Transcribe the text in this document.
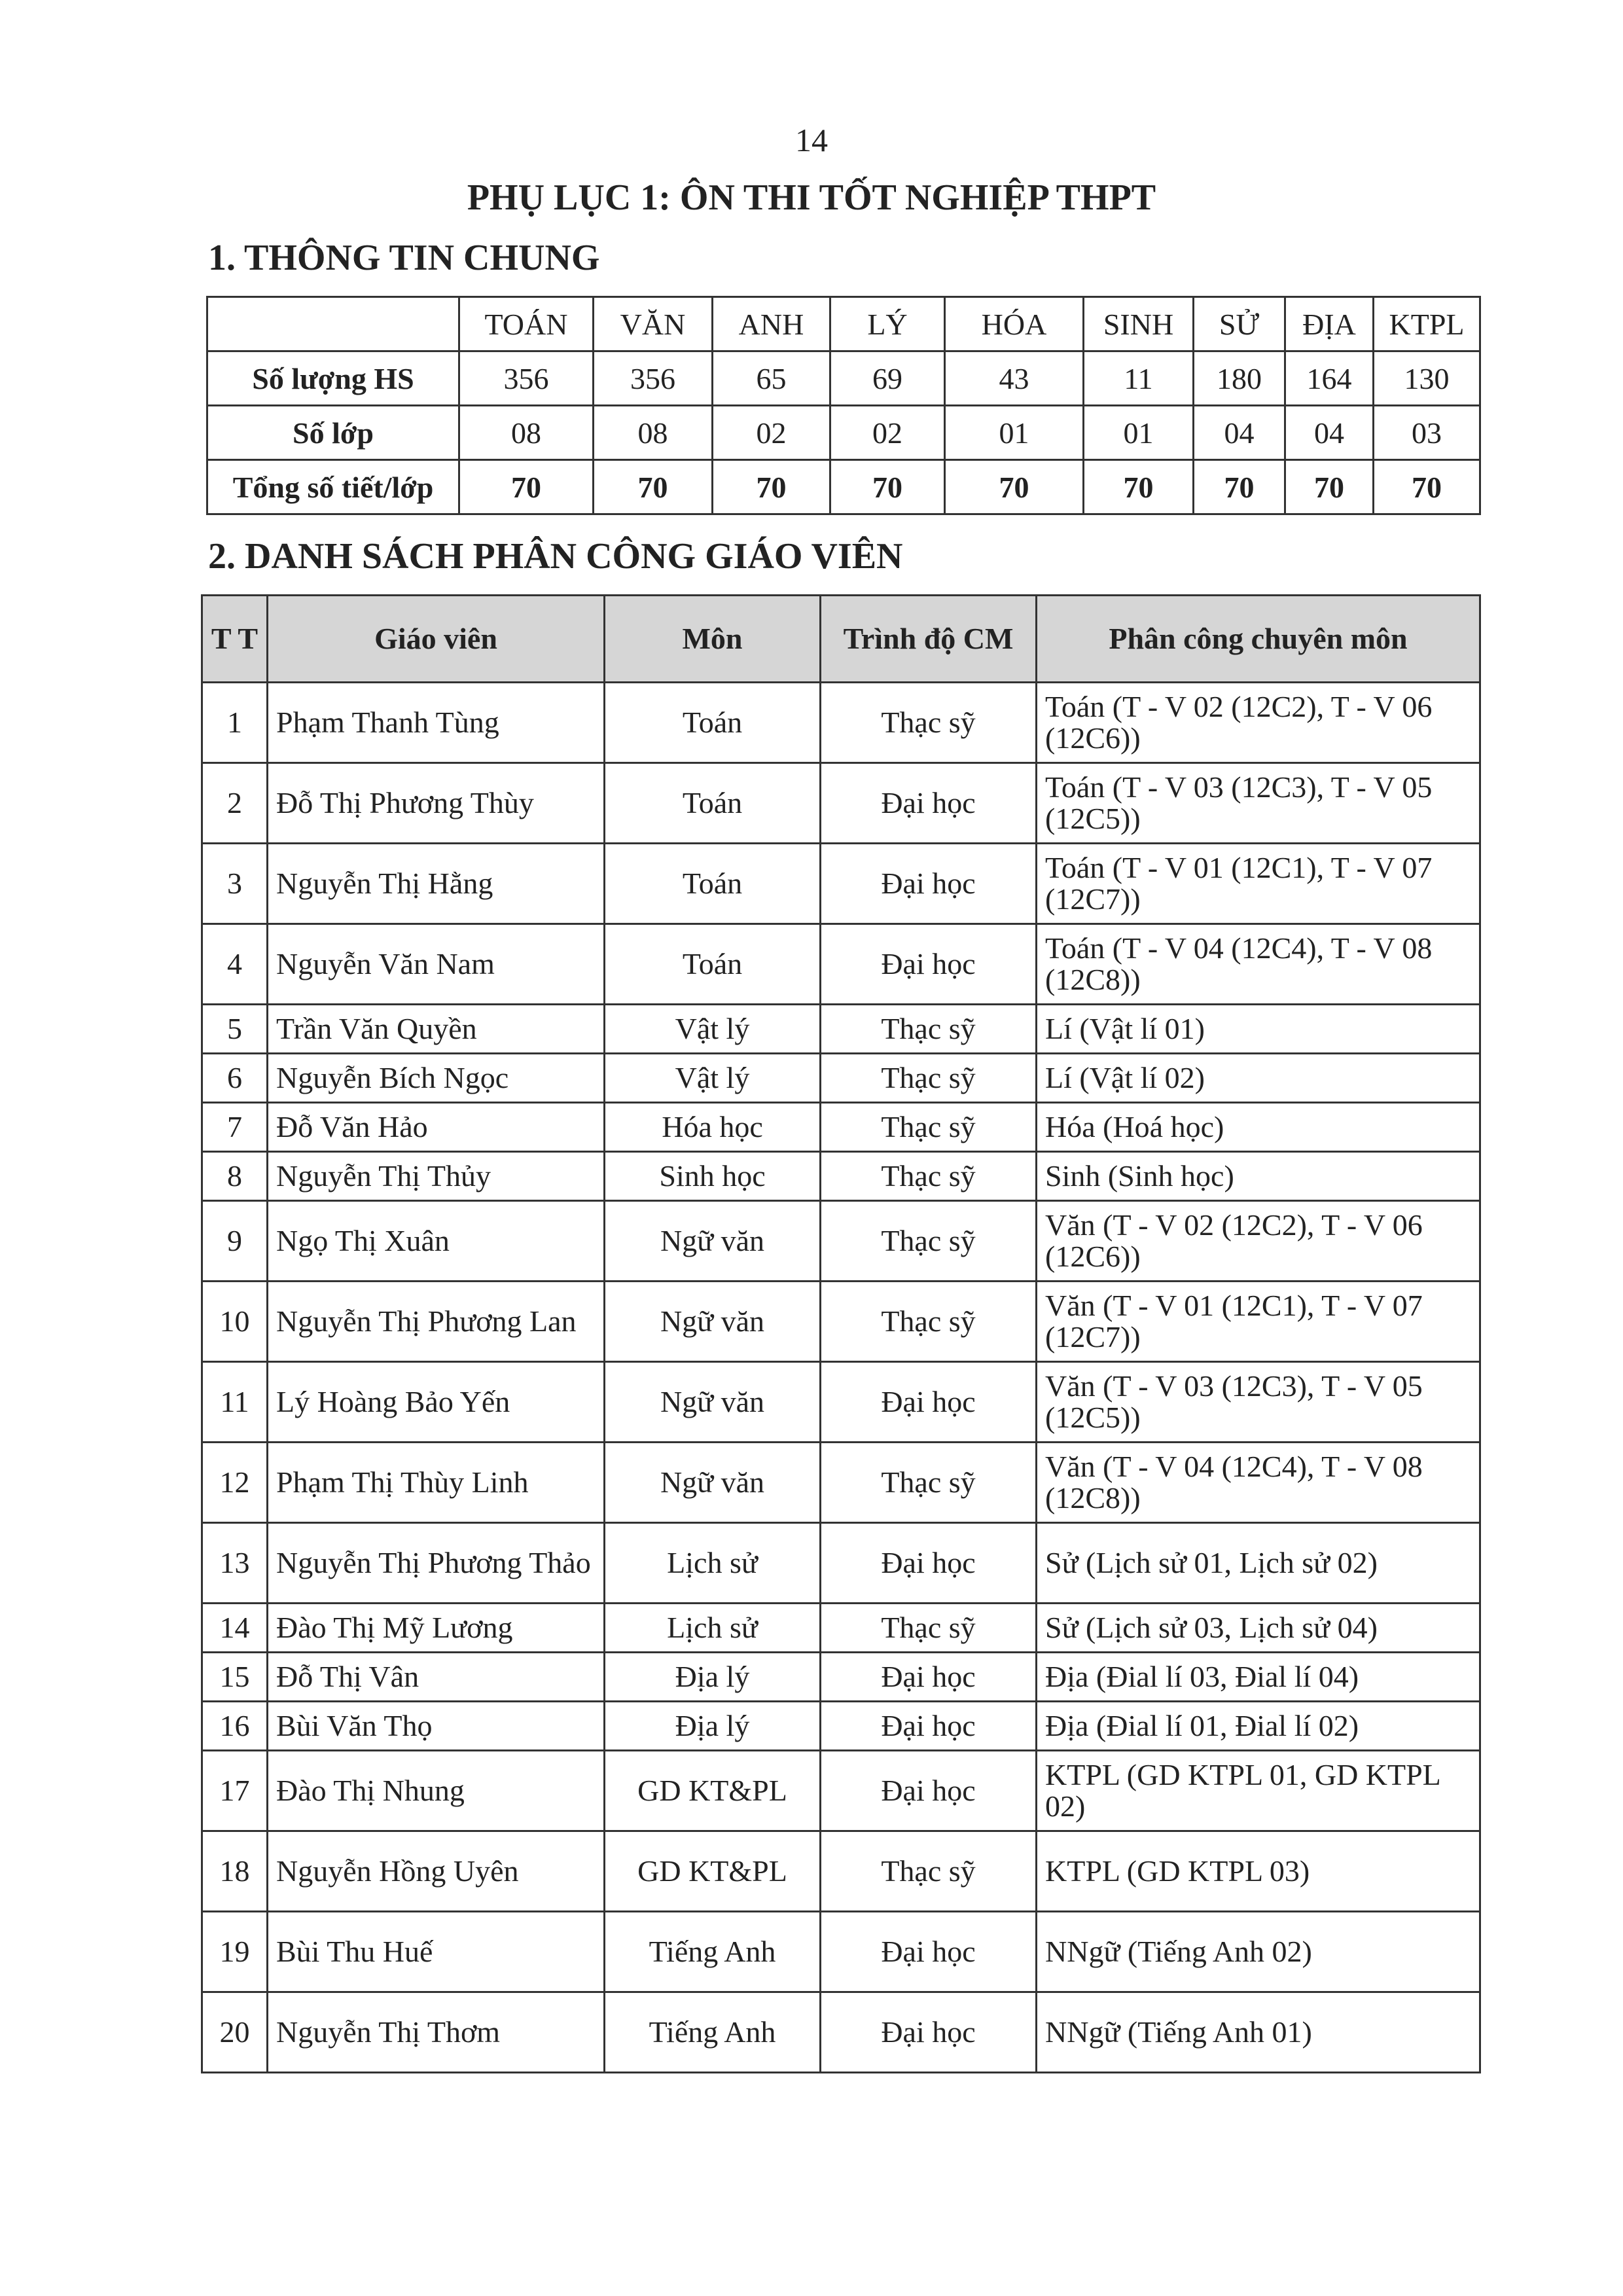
14
PHỤ LỤC 1: ÔN THI TỐT NGHIỆP THPT
1. THÔNG TIN CHUNG
	TOÁN	VĂN	ANH	LÝ	HÓA	SINH	SỬ	ĐỊA	KTPL
Số lượng HS	356	356	65	69	43	11	180	164	130
Số lớp	08	08	02	02	01	01	04	04	03
Tổng số tiết/lớp	70	70	70	70	70	70	70	70	70
2. DANH SÁCH PHÂN CÔNG GIÁO VIÊN
T T	Giáo viên	Môn	Trình độ CM	Phân công chuyên môn
1	Phạm Thanh Tùng	Toán	Thạc sỹ	Toán (T - V 02 (12C2), T - V 06 (12C6))
2	Đỗ Thị Phương Thùy	Toán	Đại học	Toán (T - V 03 (12C3), T - V 05 (12C5))
3	Nguyễn Thị Hằng	Toán	Đại học	Toán (T - V 01 (12C1), T - V 07 (12C7))
4	Nguyễn Văn Nam	Toán	Đại học	Toán (T - V 04 (12C4), T - V 08 (12C8))
5	Trần Văn Quyền	Vật lý	Thạc sỹ	Lí (Vật lí 01)
6	Nguyễn Bích Ngọc	Vật lý	Thạc sỹ	Lí (Vật lí 02)
7	Đỗ Văn Hảo	Hóa học	Thạc sỹ	Hóa (Hoá học)
8	Nguyễn Thị Thủy	Sinh học	Thạc sỹ	Sinh (Sinh học)
9	Ngọ Thị Xuân	Ngữ văn	Thạc sỹ	Văn (T - V 02 (12C2), T - V 06 (12C6))
10	Nguyễn Thị Phương Lan	Ngữ văn	Thạc sỹ	Văn (T - V 01 (12C1), T - V 07 (12C7))
11	Lý Hoàng Bảo Yến	Ngữ văn	Đại học	Văn (T - V 03 (12C3), T - V 05 (12C5))
12	Phạm Thị Thùy Linh	Ngữ văn	Thạc sỹ	Văn (T - V 04 (12C4), T - V 08 (12C8))
13	Nguyễn Thị Phương Thảo	Lịch sử	Đại học	Sử (Lịch sử 01, Lịch sử 02)
14	Đào Thị Mỹ Lương	Lịch sử	Thạc sỹ	Sử (Lịch sử 03, Lịch sử 04)
15	Đỗ Thị Vân	Địa lý	Đại học	Địa (Đial lí 03, Đial lí 04)
16	Bùi Văn Thọ	Địa lý	Đại học	Địa (Đial lí 01, Đial lí 02)
17	Đào Thị Nhung	GD KT&PL	Đại học	KTPL (GD KTPL 01, GD KTPL 02)
18	Nguyễn Hồng Uyên	GD KT&PL	Thạc sỹ	KTPL (GD KTPL 03)
19	Bùi Thu Huế	Tiếng Anh	Đại học	NNgữ (Tiếng Anh 02)
20	Nguyễn Thị Thơm	Tiếng Anh	Đại học	NNgữ (Tiếng Anh 01)
